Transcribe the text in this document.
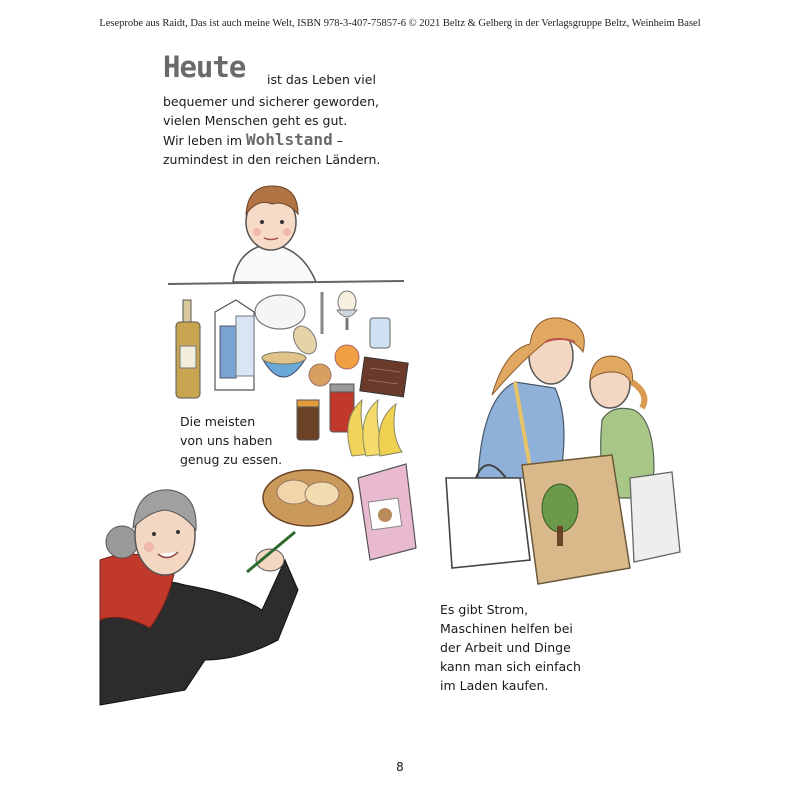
Leseprobe aus Raidt, Das ist auch meine Welt, ISBN 978-3-407-75857-6 © 2021 Beltz & Gelberg in der Verlagsgruppe Beltz, Weinheim Basel
Heute ist das Leben viel
bequemer und sicherer geworden,
vielen Menschen geht es gut.
Wir leben im Wohlstand –
zumindest in den reichen Ländern.
Die meisten
von uns haben
genug zu essen.
Es gibt Strom,
Maschinen helfen bei
der Arbeit und Dinge
kann man sich einfach
im Laden kaufen.
8
